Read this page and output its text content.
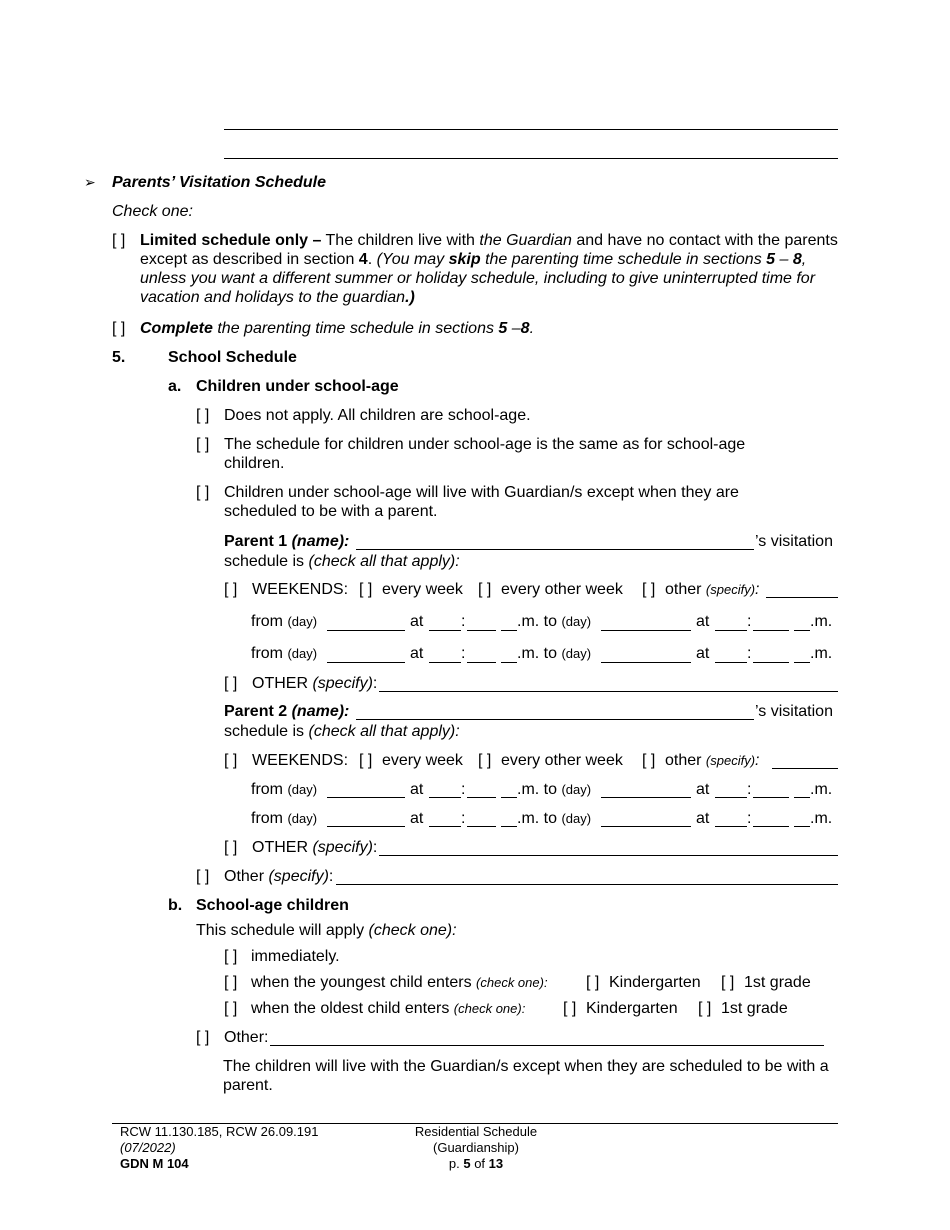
➢ Parents’ Visitation Schedule
Check one:
[ ] Limited schedule only – The children live with the Guardian and have no contact with the parents except as described in section 4. (You may skip the parenting time schedule in sections 5 – 8, unless you want a different summer or holiday schedule, including to give uninterrupted time for vacation and holidays to the guardian.)
[ ] Complete the parenting time schedule in sections 5 –8.
5.	School Schedule
a. Children under school-age
[ ] Does not apply. All children are school-age.
[ ] The schedule for children under school-age is the same as for school-age children.
[ ] Children under school-age will live with Guardian/s except when they are scheduled to be with a parent.
Parent 1 (name):	’s visitation
schedule is (check all that apply):
[ ] WEEKENDS: [ ] every week [ ] every other week [ ] other (specify):
from (day)	at :	.m. to (day)	at :	.m.
from (day)	at :	.m. to (day)	at :	.m.
[ ] OTHER (specify):
Parent 2 (name):	’s visitation
schedule is (check all that apply):
[ ] WEEKENDS: [ ] every week [ ] every other week [ ] other (specify):
from (day)	at :	.m. to (day)	at :	.m.
from (day)	at :	.m. to (day)	at :	.m.
[ ] OTHER (specify):
[ ] Other (specify):
b. School-age children
This schedule will apply (check one):
[ ] immediately.
[ ] when the youngest child enters (check one): [ ] Kindergarten [ ] 1st grade
[ ] when the oldest child enters (check one): [ ] Kindergarten [ ] 1st grade
[ ] Other:
The children will live with the Guardian/s except when they are scheduled to be with a parent.
RCW 11.130.185, RCW 26.09.191
(07/2022)
GDN M 104
Residential Schedule
(Guardianship)
p. 5 of 13
